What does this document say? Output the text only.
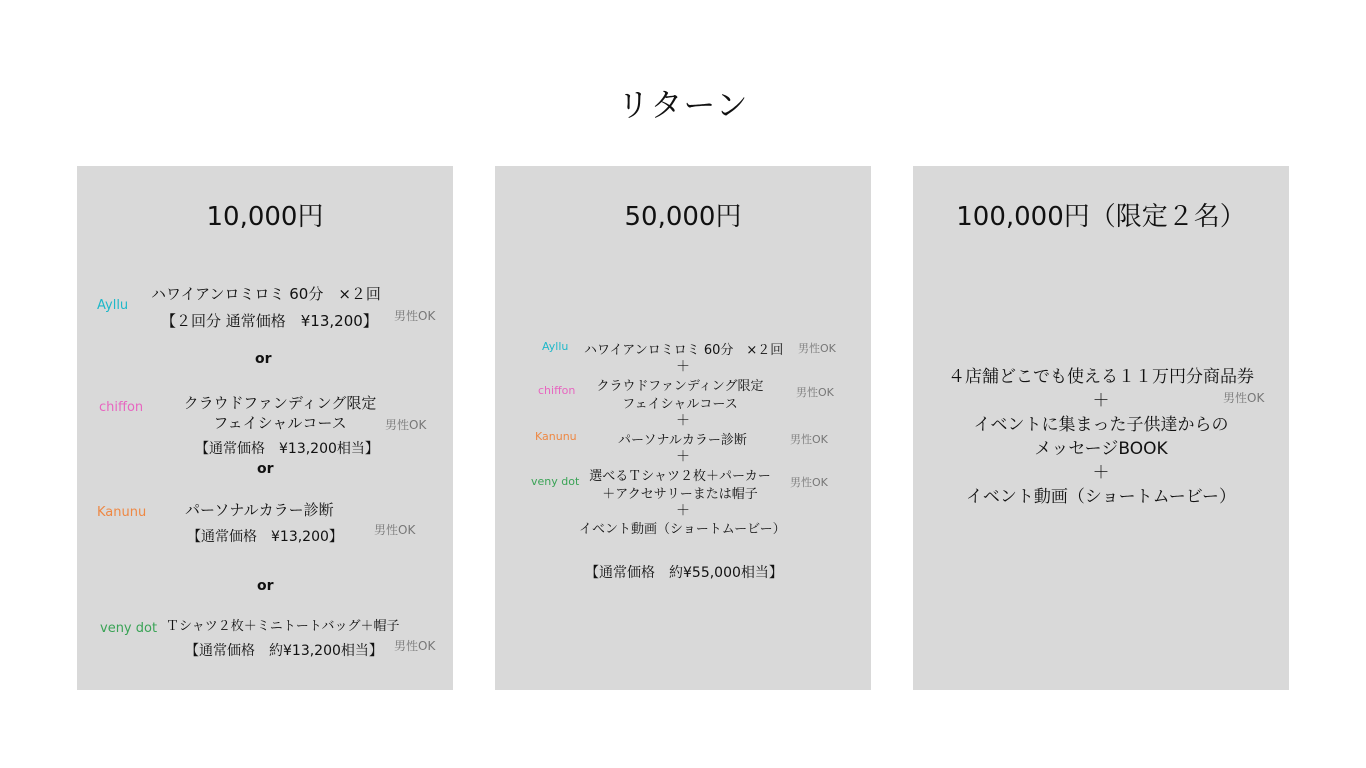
リターン
10,000円
Ayllu
ハワイアンロミロミ 60分　×２回
【２回分 通常価格　¥13,200】 男性OK
or
chiffon	クラウドファンディング限定
フェイシャルコース	男性OK
【通常価格　¥13,200相当】
or
Kanunu	パーソナルカラー診断
【通常価格　¥13,200】	男性OK
or
veny dot Ｔシャツ２枚＋ミニトートバッグ＋帽子
【通常価格　約¥13,200相当】 男性OK
50,000円
Ayllu ハワイアンロミロミ 60分　×２回 男性OK
＋
chiffon	クラウドファンディング限定
フェイシャルコース
男性OK
＋
Kanunu	パーソナルカラー診断	男性OK
＋
veny dot 選べるＴシャツ２枚＋パーカー
＋アクセサリーまたは帽子
男性OK
＋
イベント動画（ショートムービー）
【通常価格　約¥55,000相当】
100,000円（限定２名）
４店舗どこでも使える１１万円分商品券
男性OK
＋
イベントに集まった子供達からの
メッセージBOOK
＋
イベント動画（ショートムービー）
